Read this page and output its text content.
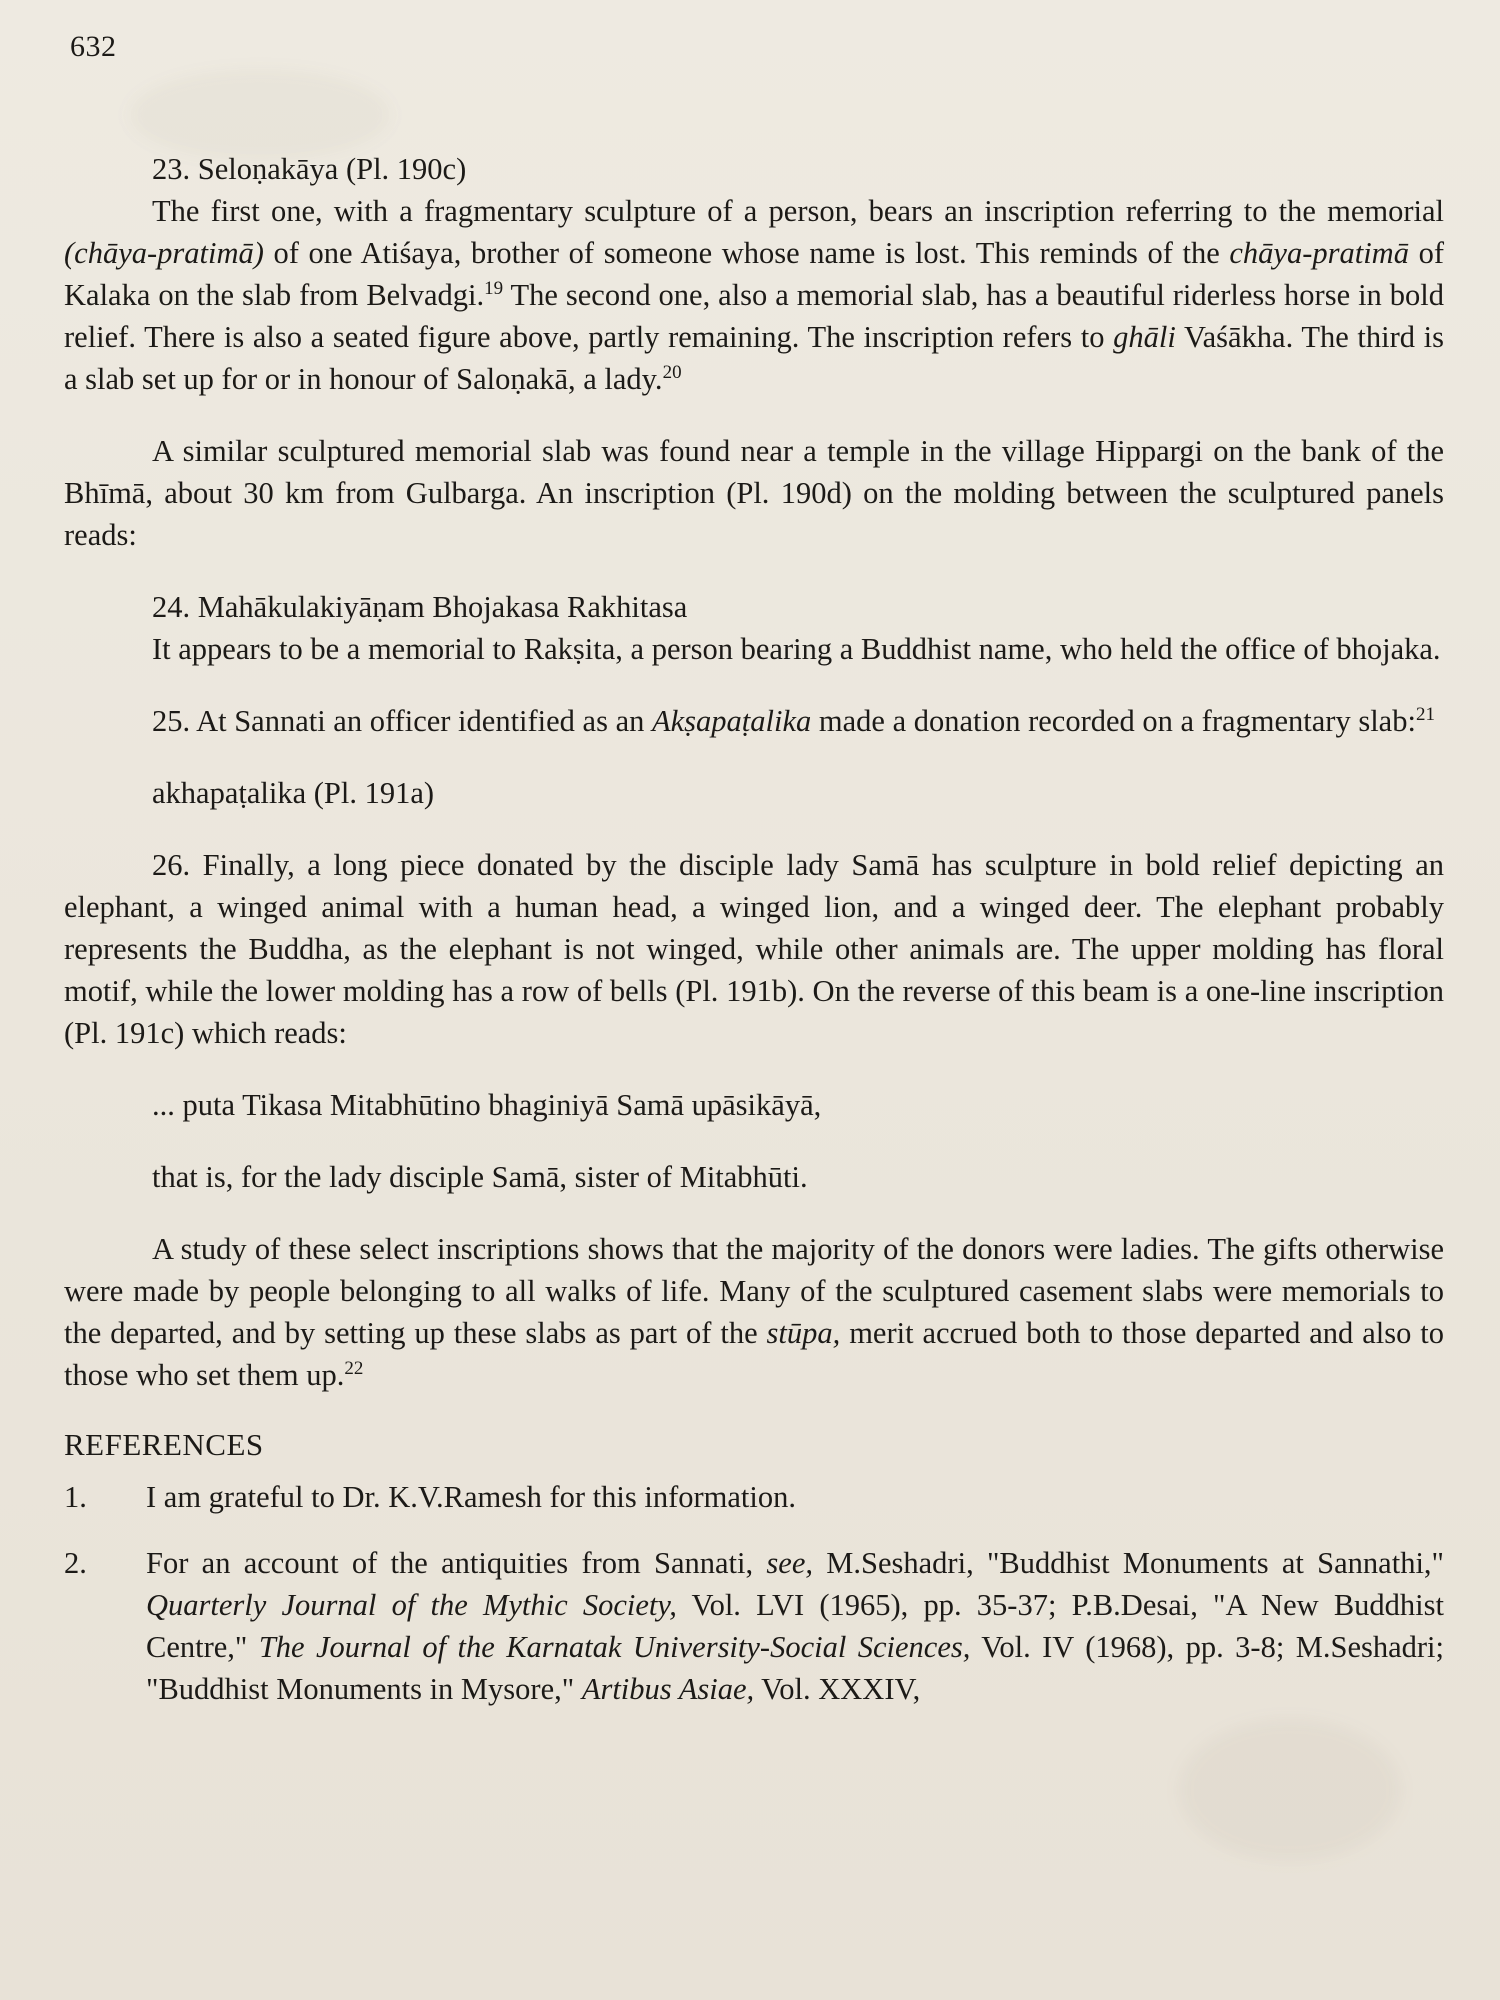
632

23. Seloṇakāya (Pl. 190c)

The first one, with a fragmentary sculpture of a person, bears an inscription referring to the memorial (chāya-pratimā) of one Atiśaya, brother of someone whose name is lost. This reminds of the chāya-pratimā of Kalaka on the slab from Belvadgi.$^{19}$ The second one, also a memorial slab, has a beautiful riderless horse in bold relief. There is also a seated figure above, partly remaining. The inscription refers to ghāli Vaśākha. The third is a slab set up for or in honour of Saloṇakā, a lady.$^{20}$

A similar sculptured memorial slab was found near a temple in the village Hippargi on the bank of the Bhīmā, about 30 km from Gulbarga. An inscription (Pl. 190d) on the molding between the sculptured panels reads:

24. Mahākulakiyāṇam Bhojakasa Rakhitasa

It appears to be a memorial to Rakṣita, a person bearing a Buddhist name, who held the office of bhojaka.

25. At Sannati an officer identified as an Akṣapaṭalika made a donation recorded on a fragmentary slab:$^{21}$

akhapaṭalika (Pl. 191a)

26. Finally, a long piece donated by the disciple lady Samā has sculpture in bold relief depicting an elephant, a winged animal with a human head, a winged lion, and a winged deer. The elephant probably represents the Buddha, as the elephant is not winged, while other animals are. The upper molding has floral motif, while the lower molding has a row of bells (Pl. 191b). On the reverse of this beam is a one-line inscription (Pl. 191c) which reads:

... puta Tikasa Mitabhūtino bhaginiyā Samā upāsikāyā,

that is, for the lady disciple Samā, sister of Mitabhūti.

A study of these select inscriptions shows that the majority of the donors were ladies. The gifts otherwise were made by people belonging to all walks of life. Many of the sculptured casement slabs were memorials to the departed, and by setting up these slabs as part of the stūpa, merit accrued both to those departed and also to those who set them up.$^{22}$

REFERENCES
1.	I am grateful to Dr. K.V.Ramesh for this information.
2.	For an account of the antiquities from Sannati, see, M.Seshadri, "Buddhist Monuments at Sannathi," Quarterly Journal of the Mythic Society, Vol. LVI (1965), pp. 35-37; P.B.Desai, "A New Buddhist Centre," The Journal of the Karnatak University-Social Sciences, Vol. IV (1968), pp. 3-8; M.Seshadri; "Buddhist Monuments in Mysore," Artibus Asiae, Vol. XXXIV,
